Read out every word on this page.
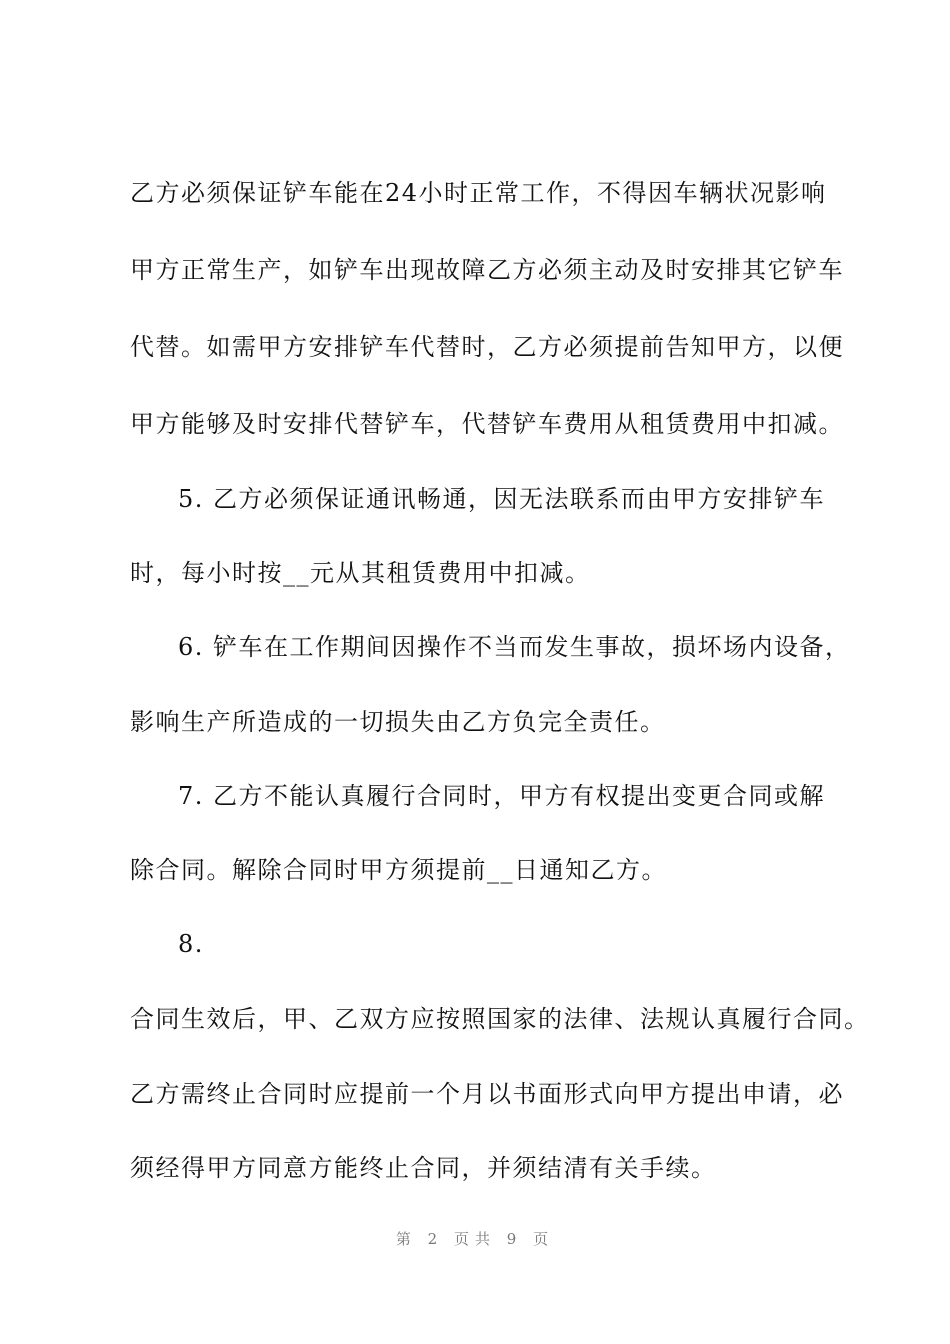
乙方必须保证铲车能在24小时正常工作，不得因车辆状况影响
甲方正常生产，如铲车出现故障乙方必须主动及时安排其它铲车
代替。如需甲方安排铲车代替时，乙方必须提前告知甲方，以便
甲方能够及时安排代替铲车，代替铲车费用从租赁费用中扣减。
5. 乙方必须保证通讯畅通，因无法联系而由甲方安排铲车
时，每小时按__元从其租赁费用中扣减。
6. 铲车在工作期间因操作不当而发生事故，损坏场内设备，
影响生产所造成的一切损失由乙方负完全责任。
7. 乙方不能认真履行合同时，甲方有权提出变更合同或解
除合同。解除合同时甲方须提前__日通知乙方。
8.
合同生效后，甲、乙双方应按照国家的法律、法规认真履行合同。
乙方需终止合同时应提前一个月以书面形式向甲方提出申请，必
须经得甲方同意方能终止合同，并须结清有关手续。
第 2 页共 9 页
